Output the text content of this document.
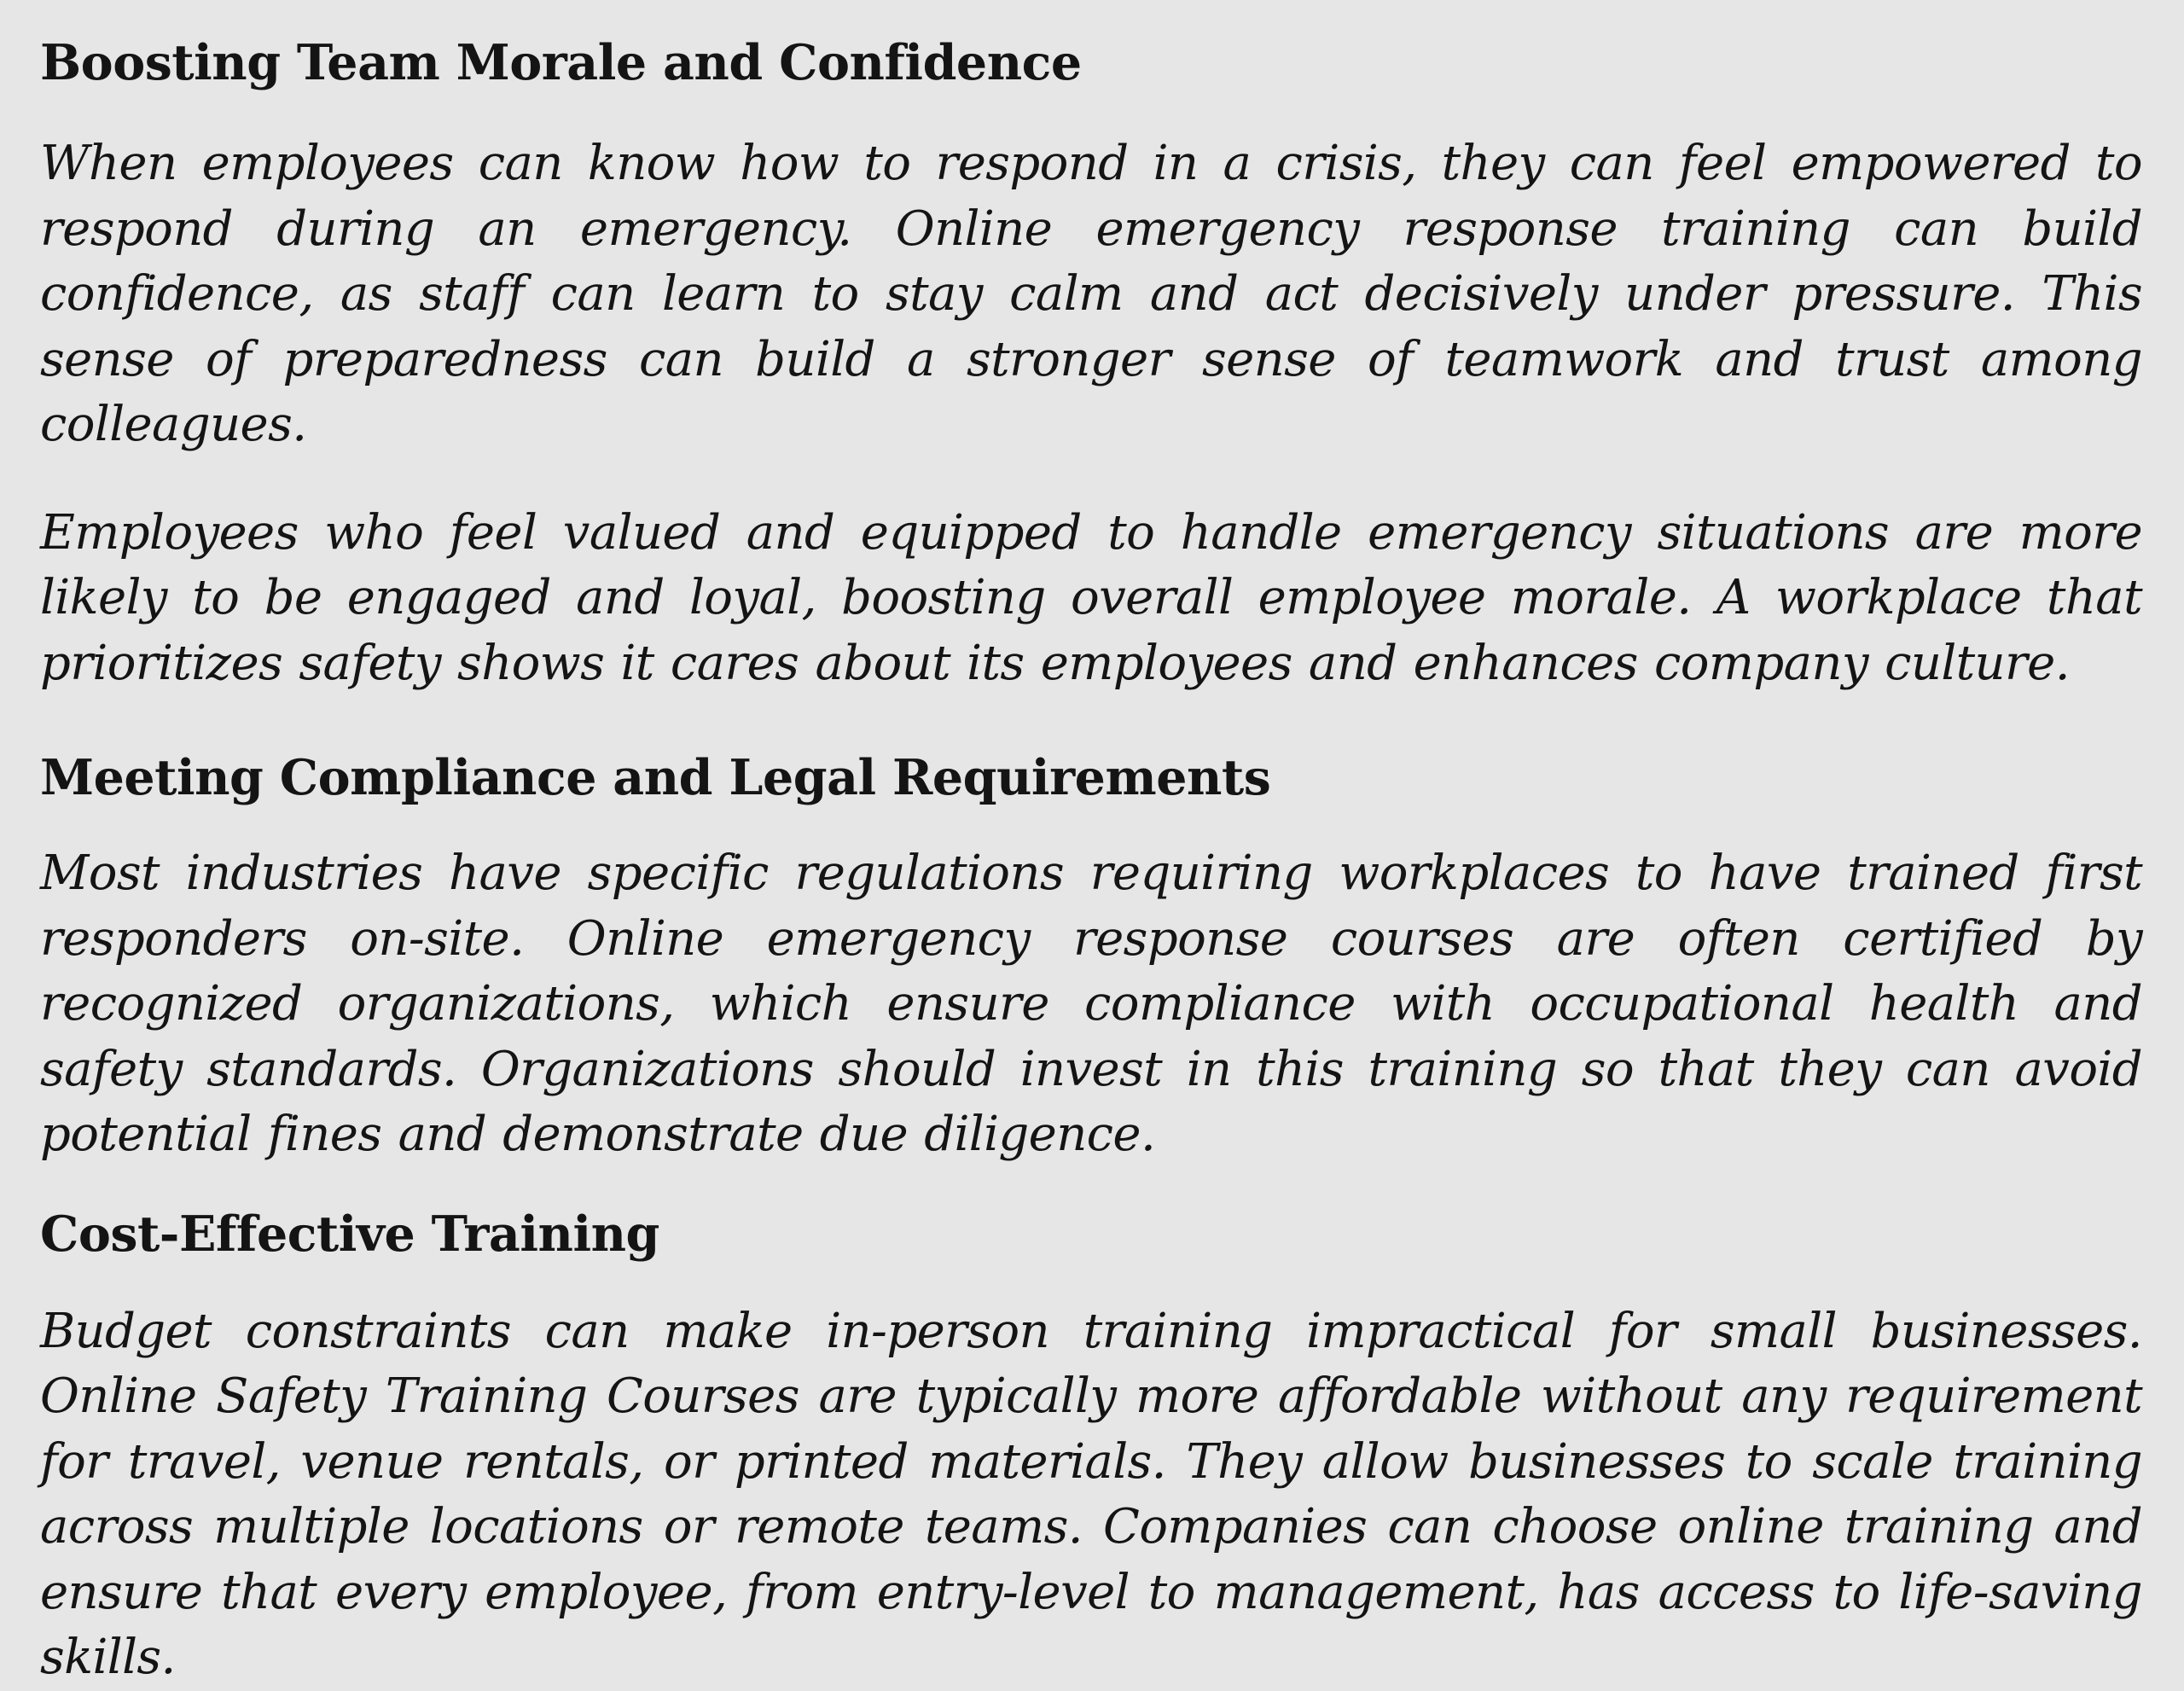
Boosting Team Morale and Confidence

When employees can know how to respond in a crisis, they can feel empowered to respond during an emergency. Online emergency response training can build confidence, as staff can learn to stay calm and act decisively under pressure. This sense of preparedness can build a stronger sense of teamwork and trust among colleagues.

Employees who feel valued and equipped to handle emergency situations are more likely to be engaged and loyal, boosting overall employee morale. A workplace that prioritizes safety shows it cares about its employees and enhances company culture.

Meeting Compliance and Legal Requirements

Most industries have specific regulations requiring workplaces to have trained first responders on-site. Online emergency response courses are often certified by recognized organizations, which ensure compliance with occupational health and safety standards. Organizations should invest in this training so that they can avoid potential fines and demonstrate due diligence.

Cost-Effective Training

Budget constraints can make in-person training impractical for small businesses. Online Safety Training Courses are typically more affordable without any requirement for travel, venue rentals, or printed materials. They allow businesses to scale training across multiple locations or remote teams. Companies can choose online training and ensure that every employee, from entry-level to management, has access to life-saving skills.
